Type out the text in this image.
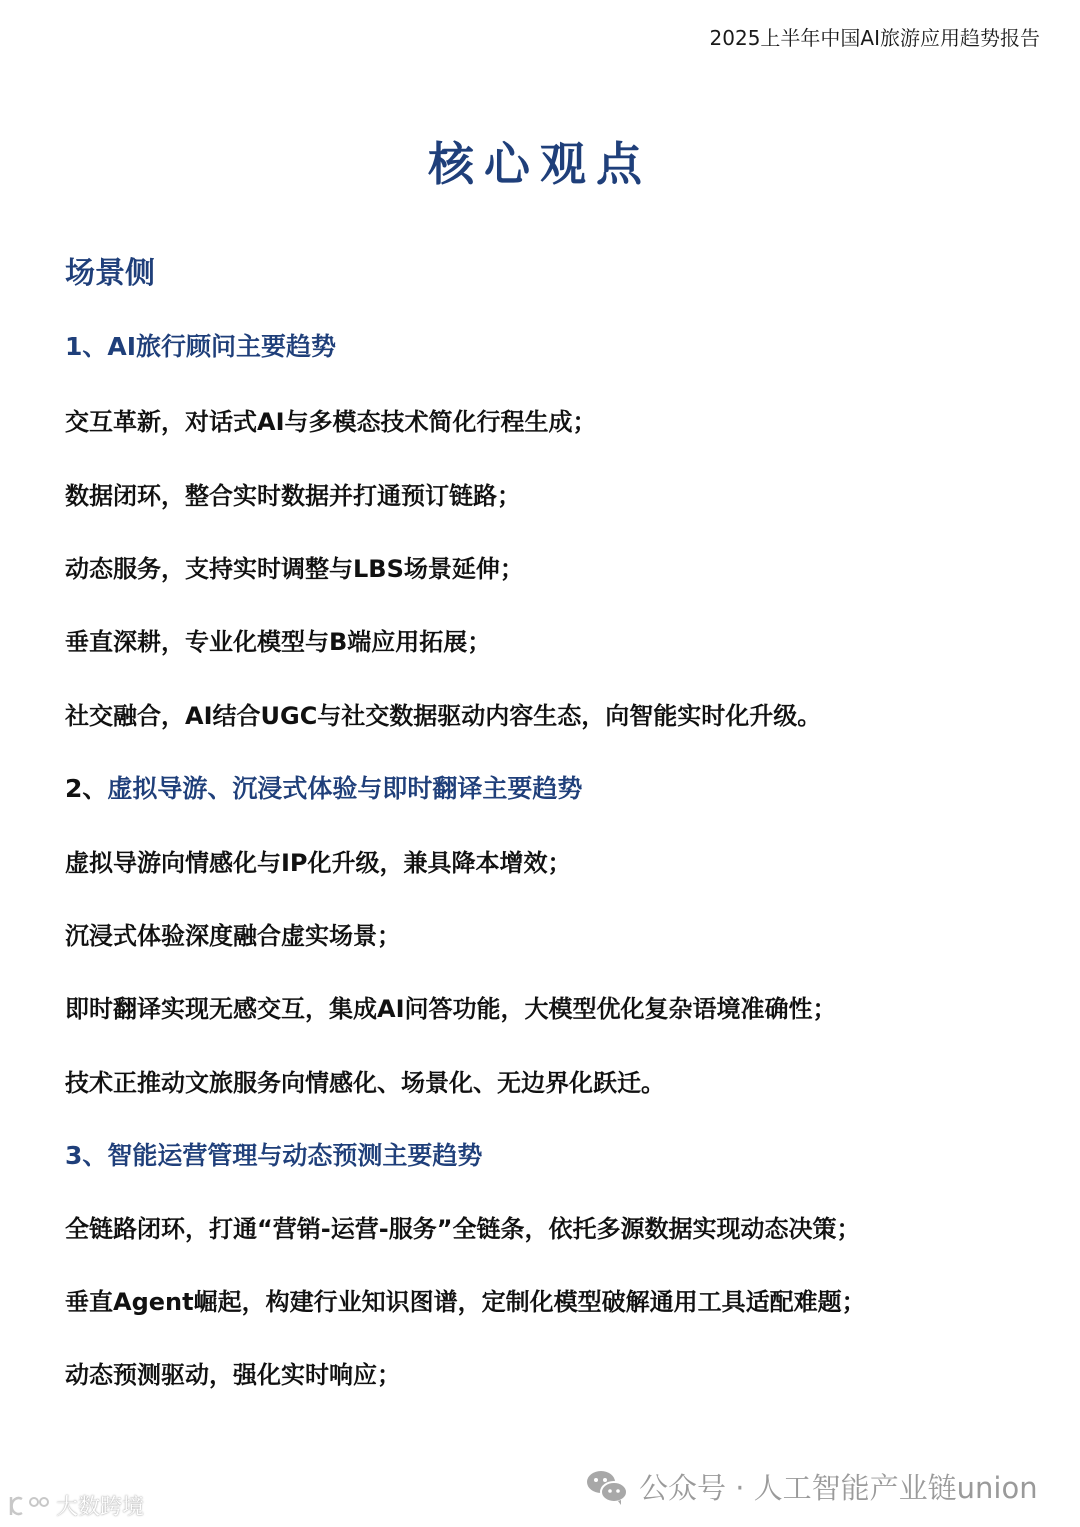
2025上半年中国AI旅游应用趋势报告
核心观点
场景侧
1、AI旅行顾问主要趋势
交互革新，对话式AI与多模态技术简化行程生成；
数据闭环，整合实时数据并打通预订链路；
动态服务，支持实时调整与LBS场景延伸；
垂直深耕，专业化模型与B端应用拓展；
社交融合，AI结合UGC与社交数据驱动内容生态，向智能实时化升级。
2、虚拟导游、沉浸式体验与即时翻译主要趋势
虚拟导游向情感化与IP化升级，兼具降本增效；
沉浸式体验深度融合虚实场景；
即时翻译实现无感交互，集成AI问答功能，大模型优化复杂语境准确性；
技术正推动文旅服务向情感化、场景化、无边界化跃迁。
3、智能运营管理与动态预测主要趋势
全链路闭环，打通“营销-运营-服务”全链条，依托多源数据实现动态决策；
垂直Agent崛起，构建行业知识图谱，定制化模型破解通用工具适配难题；
动态预测驱动，强化实时响应；
公众号 · 人工智能产业链union
大数跨境
